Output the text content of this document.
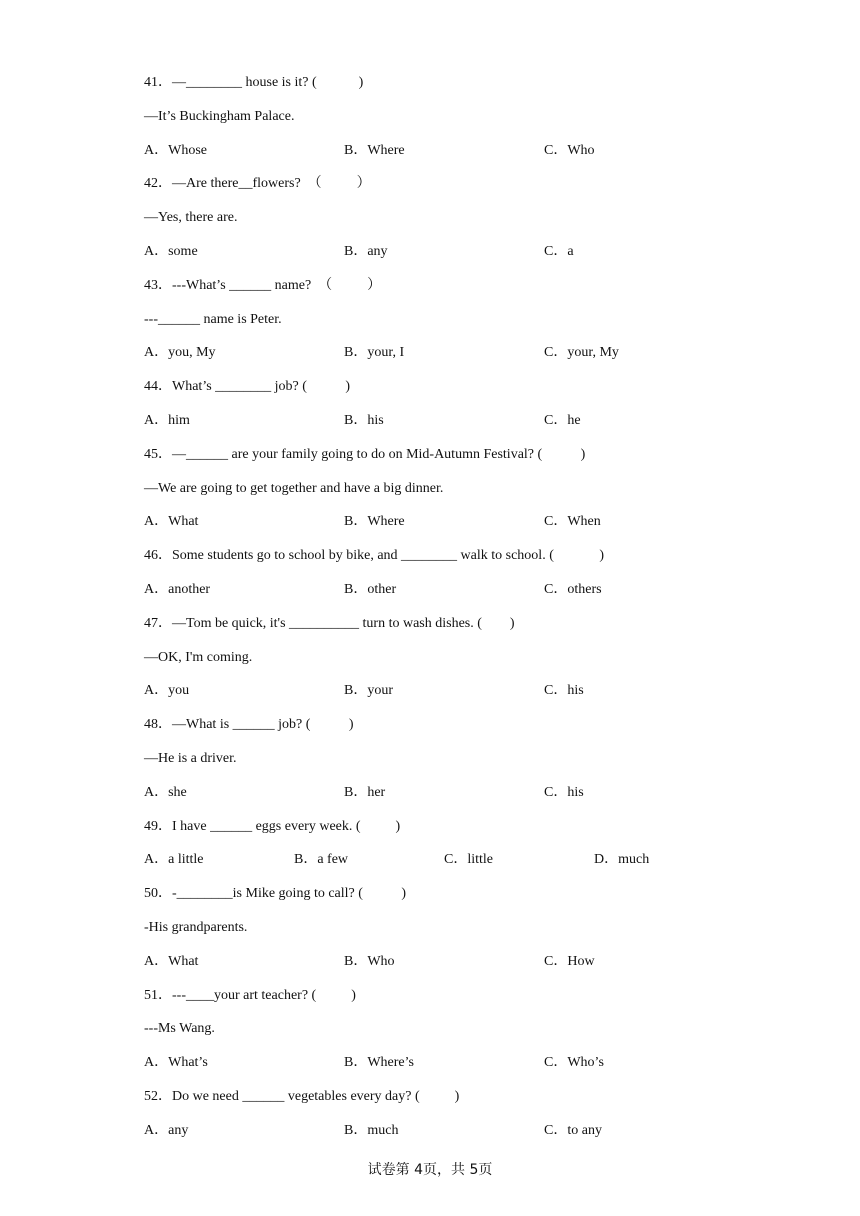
41．—________ house is it? (            )
—It’s Buckingham Palace.
A．Whose	B．Where	C．Who
42．—Are there__flowers?  （          ）
—Yes, there are.
A．some	B．any	C．a
43．---What’s ______ name?  （          ）
---______ name is Peter.
A．you, My	B．your, I	C．your, My
44．What’s ________ job? (           )
A．him	B．his	C．he
45．—______ are your family going to do on Mid-Autumn Festival? (           )
—We are going to get together and have a big dinner.
A．What	B．Where	C．When
46．Some students go to school by bike, and ________ walk to school. (             )
A．another	B．other	C．others
47．—Tom be quick, it's __________ turn to wash dishes. (        )
—OK, I'm coming.
A．you	B．your	C．his
48．—What is ______ job? (           )
—He is a driver.
A．she	B．her	C．his
49．I have ______ eggs every week. (          )
A．a little	B．a few	C．little	D．much
50．-________is Mike going to call? (           )
-His grandparents.
A．What	B．Who	C．How
51．---____your art teacher? (          )
---Ms Wang.
A．What’s	B．Where’s	C．Who’s
52．Do we need ______ vegetables every day? (          )
A．any	B．much	C．to any
试卷第 4页，共 5页
